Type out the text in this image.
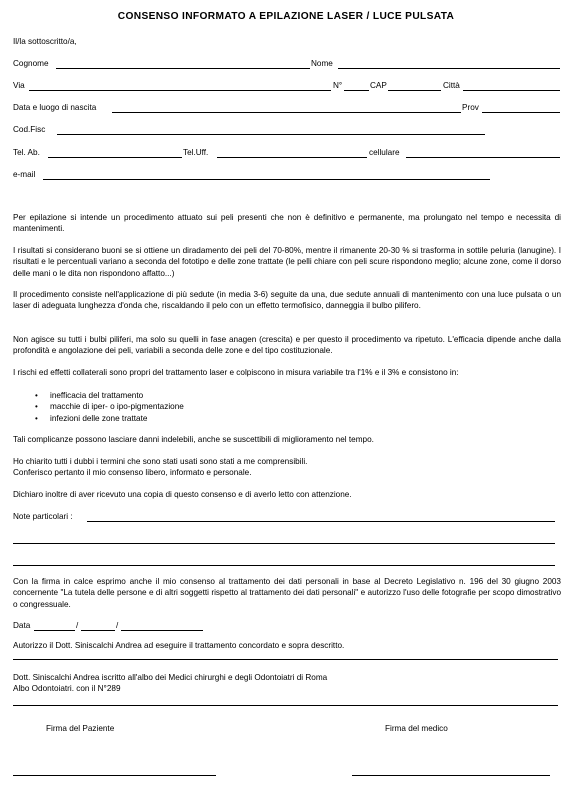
CONSENSO INFORMATO A EPILAZIONE LASER / LUCE PULSATA
Il/la sottoscritto/a,
Cognome	Nome
Via	N°	CAP	Città
Data e luogo di nascita	Prov
Cod.Fisc
Tel. Ab.	Tel.Uff.	cellulare
e-mail
Per epilazione si intende un procedimento attuato sui peli presenti che non è definitivo e permanente, ma prolungato nel tempo e necessita di mantenimenti.
I risultati si considerano buoni se si ottiene un diradamento dei peli del 70-80%, mentre il rimanente 20-30 % si trasforma in sottile peluria (lanugine). I risultati e le percentuali variano a seconda del fototipo e delle zone trattate (le pelli chiare con peli scure rispondono meglio; alcune zone, come il dorso delle mani o le dita non rispondono affatto...)
Il procedimento consiste nell'applicazione di più sedute (in media 3-6) seguite da una, due sedute annuali di mantenimento con una luce pulsata o un laser di adeguata lunghezza d'onda che, riscaldando il pelo con un effetto termofisico, danneggia il bulbo pilifero.
Non agisce su tutti i bulbi piliferi, ma solo su quelli in fase anagen (crescita) e per questo il procedimento va ripetuto. L'efficacia dipende anche dalla profondità e angolazione dei peli, variabili a seconda delle zone e del tipo costituzionale.
I rischi ed effetti collaterali sono propri del trattamento laser e colpiscono in misura variabile tra l'1% e il 3% e consistono in:
• inefficacia del trattamento
• macchie di iper- o ipo-pigmentazione
• infezioni delle zone trattate
Tali complicanze possono lasciare danni indelebili, anche se suscettibili di miglioramento nel tempo.
Ho chiarito tutti i dubbi i termini che sono stati usati sono stati a me comprensibili.
Conferisco pertanto il mio consenso libero, informato e personale.
Dichiaro inoltre di aver ricevuto una copia di questo consenso e di averlo letto con attenzione.
Note particolari :
Con la firma in calce esprimo anche il mio consenso al trattamento dei dati personali in base al Decreto Legislativo n. 196 del 30 giugno 2003 concernente "La tutela delle persone e di altri soggetti rispetto al trattamento dei dati personali" e autorizzo l'uso delle fotografie per scopo dimostrativo o congressuale.
Data	/	/
Autorizzo il Dott. Siniscalchi Andrea ad eseguire il trattamento concordato e sopra descritto.
Dott. Siniscalchi Andrea iscritto all'albo dei Medici chirurghi e degli Odontoiatri di Roma
Albo Odontoiatri. con il N°289
Firma del Paziente	Firma del medico
